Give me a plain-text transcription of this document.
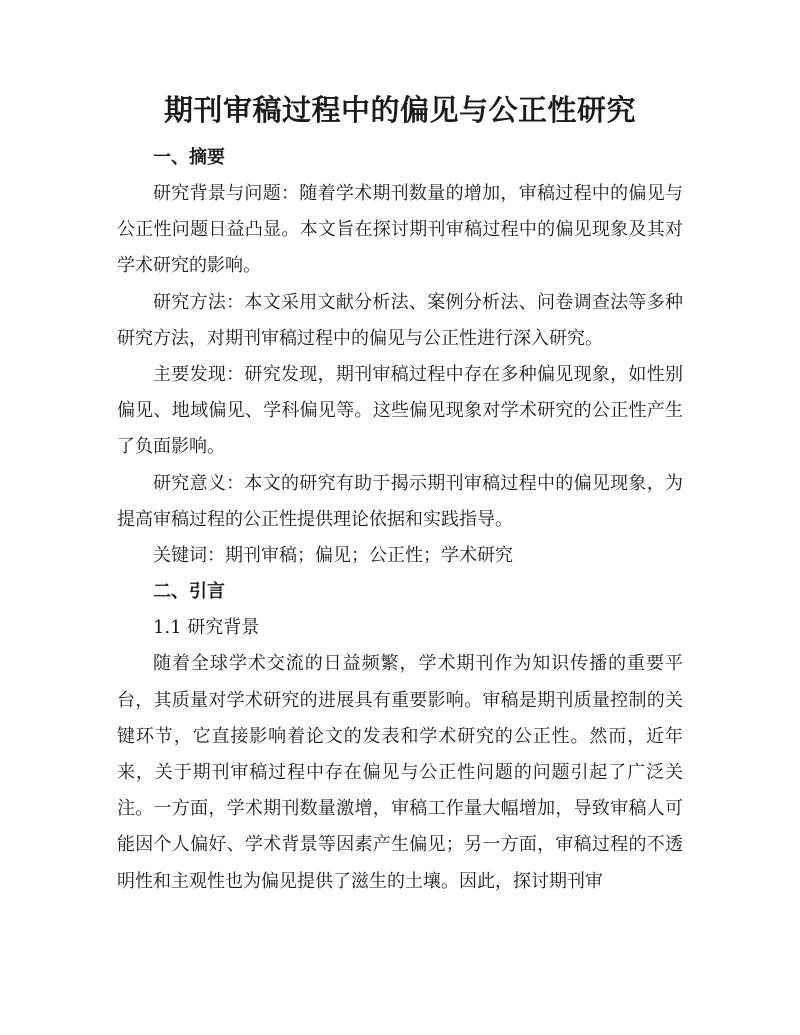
期刊审稿过程中的偏见与公正性研究
一、摘要

研究背景与问题：随着学术期刊数量的增加，审稿过程中的偏见与公正性问题日益凸显。本文旨在探讨期刊审稿过程中的偏见现象及其对学术研究的影响。

研究方法：本文采用文献分析法、案例分析法、问卷调查法等多种研究方法，对期刊审稿过程中的偏见与公正性进行深入研究。

主要发现：研究发现，期刊审稿过程中存在多种偏见现象，如性别偏见、地域偏见、学科偏见等。这些偏见现象对学术研究的公正性产生了负面影响。

研究意义：本文的研究有助于揭示期刊审稿过程中的偏见现象，为提高审稿过程的公正性提供理论依据和实践指导。

关键词：期刊审稿；偏见；公正性；学术研究

二、引言

1.1 研究背景

随着全球学术交流的日益频繁，学术期刊作为知识传播的重要平台，其质量对学术研究的进展具有重要影响。审稿是期刊质量控制的关键环节，它直接影响着论文的发表和学术研究的公正性。然而，近年来，关于期刊审稿过程中存在偏见与公正性问题的问题引起了广泛关注。一方面，学术期刊数量激增，审稿工作量大幅增加，导致审稿人可能因个人偏好、学术背景等因素产生偏见；另一方面，审稿过程的不透明性和主观性也为偏见提供了滋生的土壤。因此，探讨期刊审
